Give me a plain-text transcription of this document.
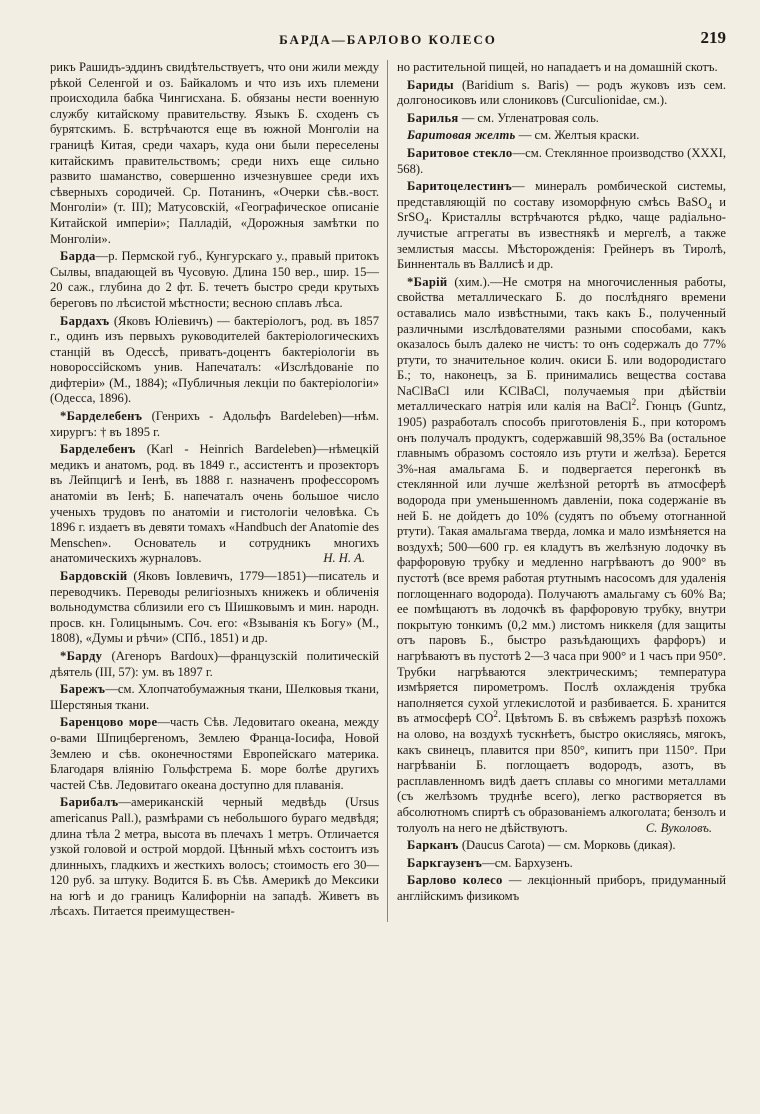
БАРДА—БАРЛОВО КОЛЕСО	219

рикъ Рашидъ-эддинъ свидѣтельствуетъ, что они жили между рѣкой Селенгой и оз. Байкаломъ и что изъ ихъ племени происходила бабка Чингисхана. Б. обязаны нести военную службу китайскому правительству. Языкъ Б. сходенъ съ бурятскимъ. Б. встрѣчаются еще въ южной Монголіи на границѣ Китая, среди чахаръ, куда они были переселены китайскимъ правительствомъ; среди нихъ еще сильно развито шаманство, совершенно изчезнувшее среди ихъ сѣверныхъ сородичей. Ср. Потанинъ, «Очерки сѣв.-вост. Монголіи» (т. III); Матусовскій, «Географическое описаніе Китайской имперіи»; Палладій, «Дорожныя замѣтки по Монголіи».

Барда—р. Пермской губ., Кунгурскаго у., правый притокъ Сылвы, впадающей въ Чусовую. Длина 150 вер., шир. 15—20 саж., глубина до 2 фт. Б. течетъ быстро среди крутыхъ береговъ по лѣсистой мѣстности; весною сплавъ лѣса.

Бардахъ (Яковъ Юліевичъ) — бактеріологъ, род. въ 1857 г., одинъ изъ первыхъ руководителей бактеріологическихъ станцій въ Одессѣ, приватъ-доцентъ бактеріологіи въ новороссійскомъ унив. Напечаталъ: «Изслѣдованіе по дифтеріи» (М., 1884); «Публичныя лекціи по бактеріологіи» (Одесса, 1896).

*Барделебенъ (Генрихъ - Адольфъ Bardeleben)—нѣм. хирургъ: † въ 1895 г.

Барделебенъ (Karl - Heinrich Bardeleben)—нѣмецкій медикъ и анатомъ, род. въ 1849 г., ассистентъ и прозекторъ въ Лейпцигѣ и Іенѣ, въ 1888 г. назначенъ профессоромъ анатоміи въ Іенѣ; Б. напечаталъ очень большое число ученыхъ трудовъ по анатоміи и гистологіи человѣка. Съ 1896 г. издаетъ въ девяти томахъ «Handbuch der Anatomie des Menschen». Основатель и сотрудникъ многихъ анатомическихъ журналовъ.	Н. Н. А.

Бардовскій (Яковъ Іовлевичъ, 1779—1851)—писатель и переводчикъ. Переводы религіозныхъ книжекъ и обличенія вольнодумства сблизили его съ Шишковымъ и мин. народн. просв. кн. Голицынымъ. Соч. его: «Взыванія къ Богу» (М., 1808), «Думы и рѣчи» (СПб., 1851) и др.

*Барду (Агеноръ Bardoux)—французскій политическій дѣятель (III, 57): ум. въ 1897 г.

Барежъ—см. Хлопчатобумажныя ткани, Шелковыя ткани, Шерстяныя ткани.

Баренцово море—часть Сѣв. Ледовитаго океана, между о-вами Шпицбергеномъ, Землею Франца-Іосифа, Новой Землею и сѣв. оконечностями Европейскаго материка. Благодаря вліянію Гольфстрема Б. море болѣе другихъ частей Сѣв. Ледовитаго океана доступно для плаванія.

Барибалъ—американскій черный медвѣдь (Ursus americanus Pall.), размѣрами съ небольшого бураго медвѣдя; длина тѣла 2 метра, высота въ плечахъ 1 метръ. Отличается узкой головой и острой мордой. Цѣнный мѣхъ состоитъ изъ длинныхъ, гладкихъ и жесткихъ волосъ; стоимость его 30—120 руб. за штуку. Водится Б. въ Сѣв. Америкѣ до Мексики на югѣ и до границъ Калифорніи на западѣ. Живетъ въ лѣсахъ. Питается преимуществен-

но растительной пищей, но нападаетъ и на домашній скотъ.

Бариды (Baridium s. Baris) — родъ жуковъ изъ сем. долгоносиковъ или слониковъ (Curculionidae, см.).

Барилья — см. Угленатровая соль.

Баритовая желть — см. Желтыя краски.

Баритовое стекло—см. Стеклянное производство (XXXI, 568).

Баритоцелестинъ— минералъ ромбической системы, представляющій по составу изоморфную смѣсь BaSO$_4$ и SrSO$_4$. Кристаллы встрѣчаются рѣдко, чаще радіально-лучистые аггрегаты въ известнякѣ и мергелѣ, а также землистыя массы. Мѣсторожденія: Грейнеръ въ Тиролѣ, Бинненталь въ Валлисѣ и др.

*Барій (хим.).—Не смотря на многочисленныя работы, свойства металлическаго Б. до послѣдняго времени оставались мало извѣстными, такъ какъ Б., полученный различными изслѣдователями разными способами, какъ оказалось былъ далеко не чистъ: то онъ содержалъ до 77% ртути, то значительное колич. окиси Б. или водородистаго Б.; то, наконецъ, за Б. принимались вещества состава NaClBaCl или KClBaCl, получаемыя при дѣйствіи металлическаго натрія или калія на BaCl$^2$. Гюнцъ (Guntz, 1905) разработалъ способъ приготовленія Б., при которомъ онъ получалъ продуктъ, содержавшій 98,35% Ba (остальное главнымъ образомъ состояло изъ ртути и желѣза). Берется 3%-ная амальгама Б. и подвергается перегонкѣ въ стеклянной или лучше желѣзной ретортѣ въ атмосферѣ водорода при уменьшенномъ давленіи, пока содержаніе въ ней Б. не дойдетъ до 10% (судятъ по объему отогнанной ртути). Такая амальгама тверда, ломка и мало измѣняется на воздухѣ; 500—600 гр. ея кладутъ въ желѣзную лодочку въ фарфоровую трубку и медленно нагрѣваютъ до 900° въ пустотѣ (все время работая ртутнымъ насосомъ для удаленія поглощеннаго водорода). Получаютъ амальгаму съ 60% Ba; ее помѣщаютъ въ лодочкѣ въ фарфоровую трубку, внутри покрытую тонкимъ (0,2 мм.) листомъ никкеля (для защиты отъ паровъ Б., быстро разъѣдающихъ фарфоръ) и нагрѣваютъ въ пустотѣ 2—3 часа при 900° и 1 часъ при 950°. Трубки нагрѣваются электрическимъ; температура измѣряется пирометромъ. Послѣ охлажденія трубка наполняется сухой углекислотой и разбивается. Б. хранится въ атмосферѣ $CO^2$. Цвѣтомъ Б. въ свѣжемъ разрѣзѣ похожъ на олово, на воздухѣ тускнѣетъ, быстро окисляясь, мягокъ, какъ свинецъ, плавится при 850°, кипитъ при 1150°. При нагрѣваніи Б. поглощаетъ водородъ, азотъ, въ расплавленномъ видѣ даетъ сплавы со многими металлами (съ желѣзомъ труднѣе всего), легко растворяется въ абсолютномъ спиртѣ съ образованіемъ алкоголата; бензолъ и толуолъ на него не дѣйствуютъ.	С. Вуколовъ.

Барканъ (Daucus Carota) — см. Морковь (дикая).

Баркгаузенъ—см. Бархузенъ.

Барлово колесо — лекціонный приборъ, придуманный англійскимъ физикомъ
